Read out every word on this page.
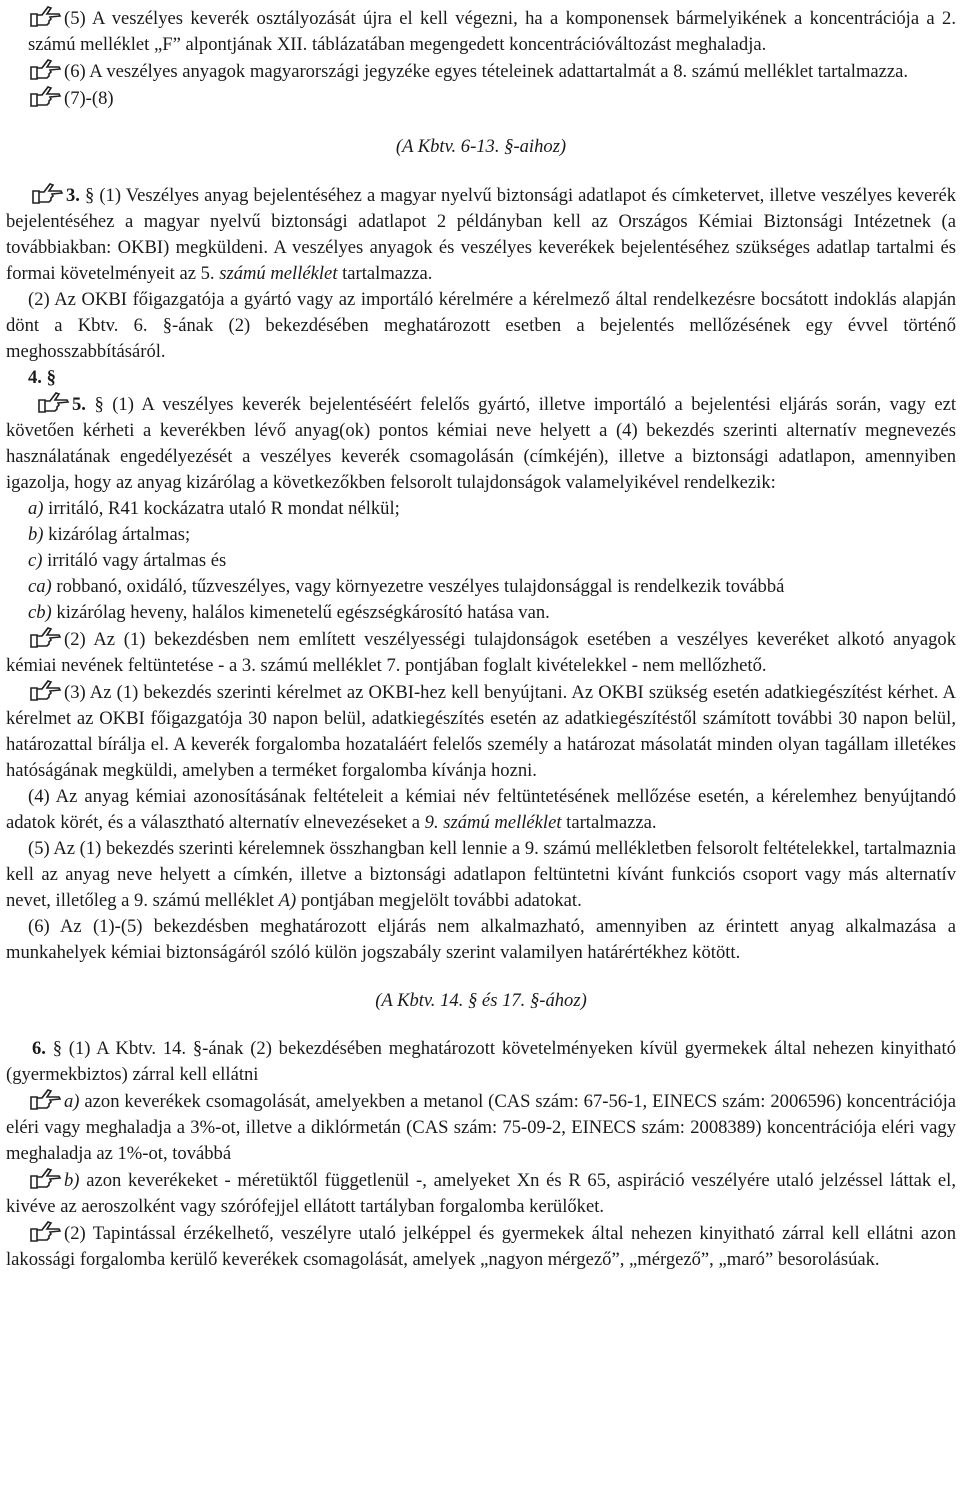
(5) A veszélyes keverék osztályozását újra el kell végezni, ha a komponensek bármelyikének a koncentrációja a 2. számú melléklet „F” alpontjának XII. táblázatában megengedett koncentrációváltozást meghaladja.

(6) A veszélyes anyagok magyarországi jegyzéke egyes tételeinek adattartalmát a 8. számú melléklet tartalmazza.

(7)-(8)

(A Kbtv. 6-13. §-aihoz)

3. § (1) Veszélyes anyag bejelentéséhez a magyar nyelvű biztonsági adatlapot és címketervet, illetve veszélyes keverék bejelentéséhez a magyar nyelvű biztonsági adatlapot 2 példányban kell az Országos Kémiai Biztonsági Intézetnek (a továbbiakban: OKBI) megküldeni. A veszélyes anyagok és veszélyes keverékek bejelentéséhez szükséges adatlap tartalmi és formai követelményeit az 5. számú melléklet tartalmazza.

(2) Az OKBI főigazgatója a gyártó vagy az importáló kérelmére a kérelmező által rendelkezésre bocsátott indoklás alapján dönt a Kbtv. 6. §-ának (2) bekezdésében meghatározott esetben a bejelentés mellőzésének egy évvel történő meghosszabbításáról.

4. §

5. § (1) A veszélyes keverék bejelentéséért felelős gyártó, illetve importáló a bejelentési eljárás során, vagy ezt követően kérheti a keverékben lévő anyag(ok) pontos kémiai neve helyett a (4) bekezdés szerinti alternatív megnevezés használatának engedélyezését a veszélyes keverék csomagolásán (címkéjén), illetve a biztonsági adatlapon, amennyiben igazolja, hogy az anyag kizárólag a következőkben felsorolt tulajdonságok valamelyikével rendelkezik:

a) irritáló, R41 kockázatra utaló R mondat nélkül;

b) kizárólag ártalmas;

c) irritáló vagy ártalmas és

ca) robbanó, oxidáló, tűzveszélyes, vagy környezetre veszélyes tulajdonsággal is rendelkezik továbbá

cb) kizárólag heveny, halálos kimenetelű egészségkárosító hatása van.

(2) Az (1) bekezdésben nem említett veszélyességi tulajdonságok esetében a veszélyes keveréket alkotó anyagok kémiai nevének feltüntetése - a 3. számú melléklet 7. pontjában foglalt kivételekkel - nem mellőzhető.

(3) Az (1) bekezdés szerinti kérelmet az OKBI-hez kell benyújtani. Az OKBI szükség esetén adatkiegészítést kérhet. A kérelmet az OKBI főigazgatója 30 napon belül, adatkiegészítés esetén az adatkiegészítéstől számított további 30 napon belül, határozattal bírálja el. A keverék forgalomba hozataláért felelős személy a határozat másolatát minden olyan tagállam illetékes hatóságának megküldi, amelyben a terméket forgalomba kívánja hozni.

(4) Az anyag kémiai azonosításának feltételeit a kémiai név feltüntetésének mellőzése esetén, a kérelemhez benyújtandó adatok körét, és a választható alternatív elnevezéseket a 9. számú melléklet tartalmazza.

(5) Az (1) bekezdés szerinti kérelemnek összhangban kell lennie a 9. számú mellékletben felsorolt feltételekkel, tartalmaznia kell az anyag neve helyett a címkén, illetve a biztonsági adatlapon feltüntetni kívánt funkciós csoport vagy más alternatív nevet, illetőleg a 9. számú melléklet A) pontjában megjelölt további adatokat.

(6) Az (1)-(5) bekezdésben meghatározott eljárás nem alkalmazható, amennyiben az érintett anyag alkalmazása a munkahelyek kémiai biztonságáról szóló külön jogszabály szerint valamilyen határértékhez kötött.

(A Kbtv. 14. § és 17. §-ához)

6. § (1) A Kbtv. 14. §-ának (2) bekezdésében meghatározott követelményeken kívül gyermekek által nehezen kinyitható (gyermekbiztos) zárral kell ellátni

a) azon keverékek csomagolását, amelyekben a metanol (CAS szám: 67-56-1, EINECS szám: 2006596) koncentrációja eléri vagy meghaladja a 3%-ot, illetve a diklórmetán (CAS szám: 75-09-2, EINECS szám: 2008389) koncentrációja eléri vagy meghaladja az 1%-ot, továbbá

b) azon keverékeket - méretüktől függetlenül -, amelyeket Xn és R 65, aspiráció veszélyére utaló jelzéssel láttak el, kivéve az aeroszolként vagy szórófejjel ellátott tartályban forgalomba kerülőket.

(2) Tapintással érzékelhető, veszélyre utaló jelképpel és gyermekek által nehezen kinyitható zárral kell ellátni azon lakossági forgalomba kerülő keverékek csomagolását, amelyek „nagyon mérgező”, „mérgező”, „maró” besorolásúak.
